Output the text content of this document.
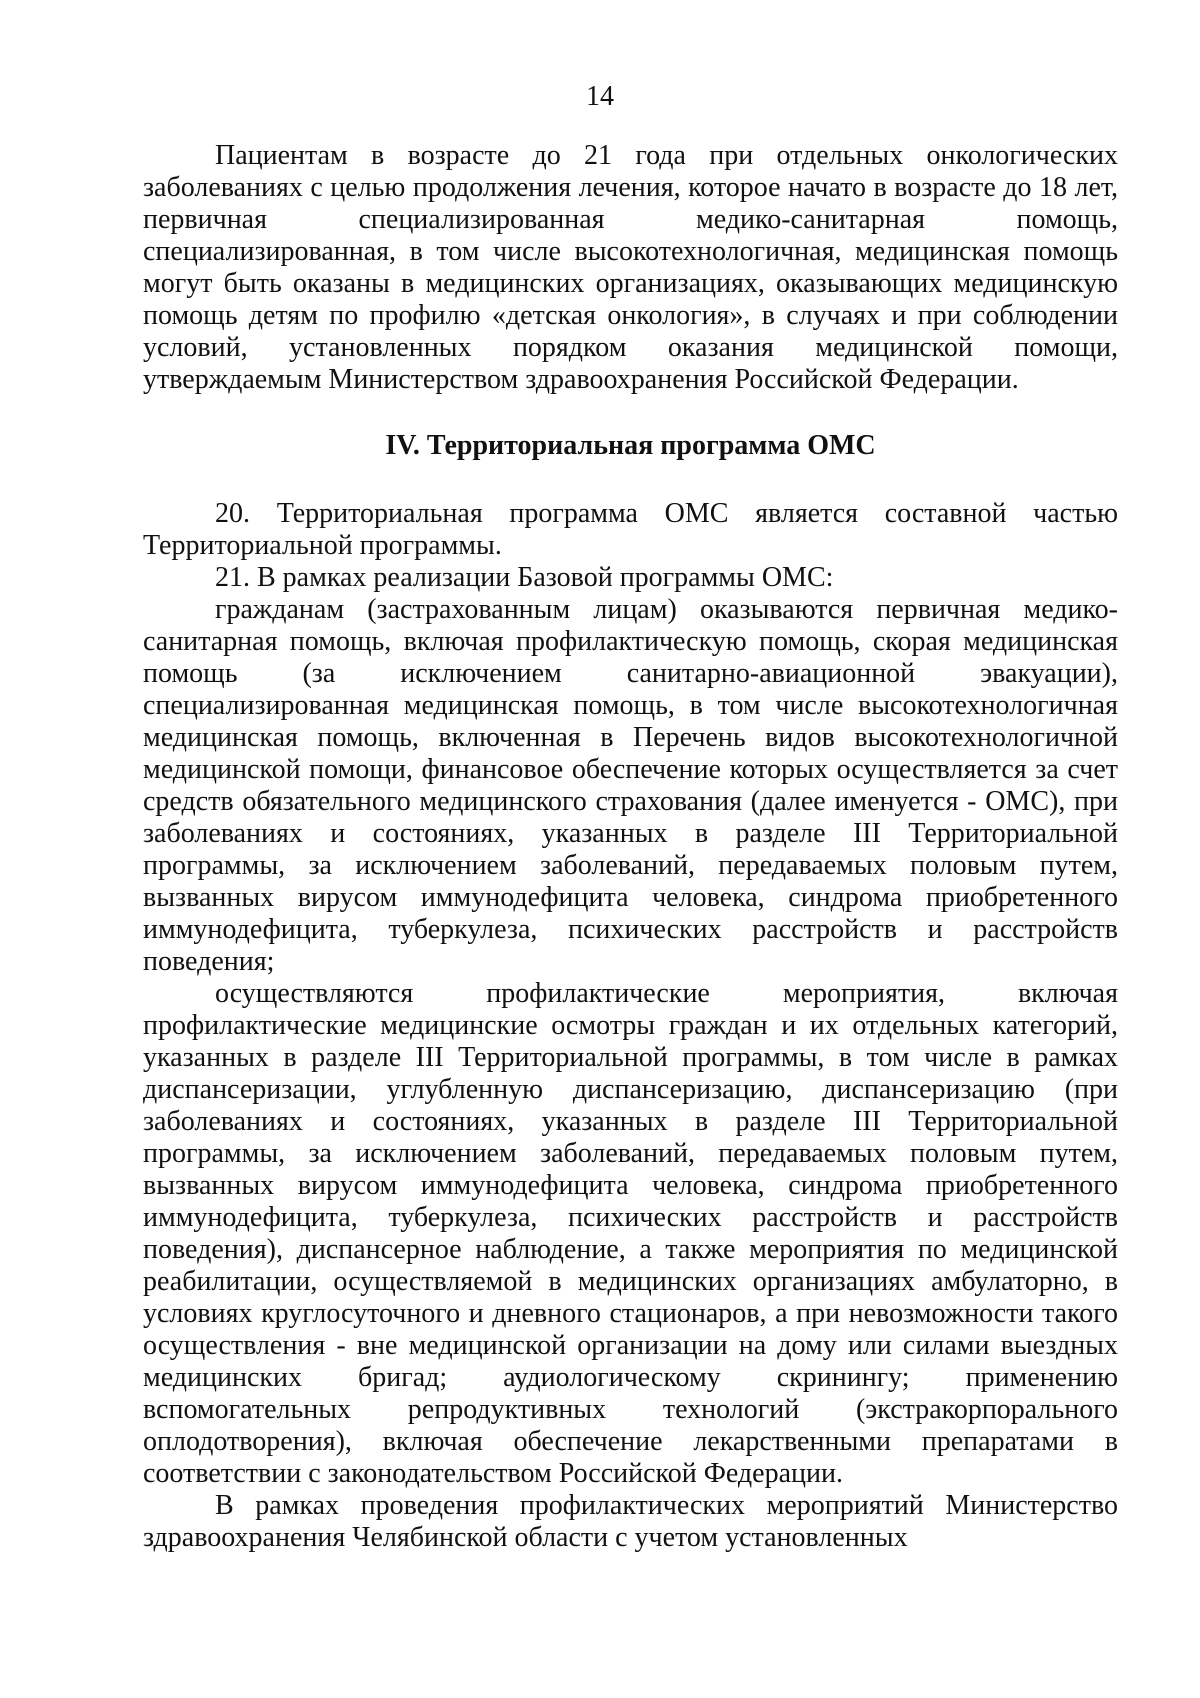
14

Пациентам в возрасте до 21 года при отдельных онкологических заболеваниях с целью продолжения лечения, которое начато в возрасте до 18 лет, первичная специализированная медико-санитарная помощь, специализированная, в том числе высокотехнологичная, медицинская помощь могут быть оказаны в медицинских организациях, оказывающих медицинскую помощь детям по профилю «детская онкология», в случаях и при соблюдении условий, установленных порядком оказания медицинской помощи, утверждаемым Министерством здравоохранения Российской Федерации.

IV. Территориальная программа ОМС

20. Территориальная программа ОМС является составной частью Территориальной программы.

21. В рамках реализации Базовой программы ОМС:

гражданам (застрахованным лицам) оказываются первичная медико-санитарная помощь, включая профилактическую помощь, скорая медицинская помощь (за исключением санитарно-авиационной эвакуации), специализированная медицинская помощь, в том числе высокотехнологичная медицинская помощь, включенная в Перечень видов высокотехнологичной медицинской помощи, финансовое обеспечение которых осуществляется за счет средств обязательного медицинского страхования (далее именуется - ОМС), при заболеваниях и состояниях, указанных в разделе III Территориальной программы, за исключением заболеваний, передаваемых половым путем, вызванных вирусом иммунодефицита человека, синдрома приобретенного иммунодефицита, туберкулеза, психических расстройств и расстройств поведения;

осуществляются профилактические мероприятия, включая профилактические медицинские осмотры граждан и их отдельных категорий, указанных в разделе III Территориальной программы, в том числе в рамках диспансеризации, углубленную диспансеризацию, диспансеризацию (при заболеваниях и состояниях, указанных в разделе III Территориальной программы, за исключением заболеваний, передаваемых половым путем, вызванных вирусом иммунодефицита человека, синдрома приобретенного иммунодефицита, туберкулеза, психических расстройств и расстройств поведения), диспансерное наблюдение, а также мероприятия по медицинской реабилитации, осуществляемой в медицинских организациях амбулаторно, в условиях круглосуточного и дневного стационаров, а при невозможности такого осуществления - вне медицинской организации на дому или силами выездных медицинских бригад; аудиологическому скринингу; применению вспомогательных репродуктивных технологий (экстракорпорального оплодотворения), включая обеспечение лекарственными препаратами в соответствии с законодательством Российской Федерации.

В рамках проведения профилактических мероприятий Министерство здравоохранения Челябинской области с учетом установленных
